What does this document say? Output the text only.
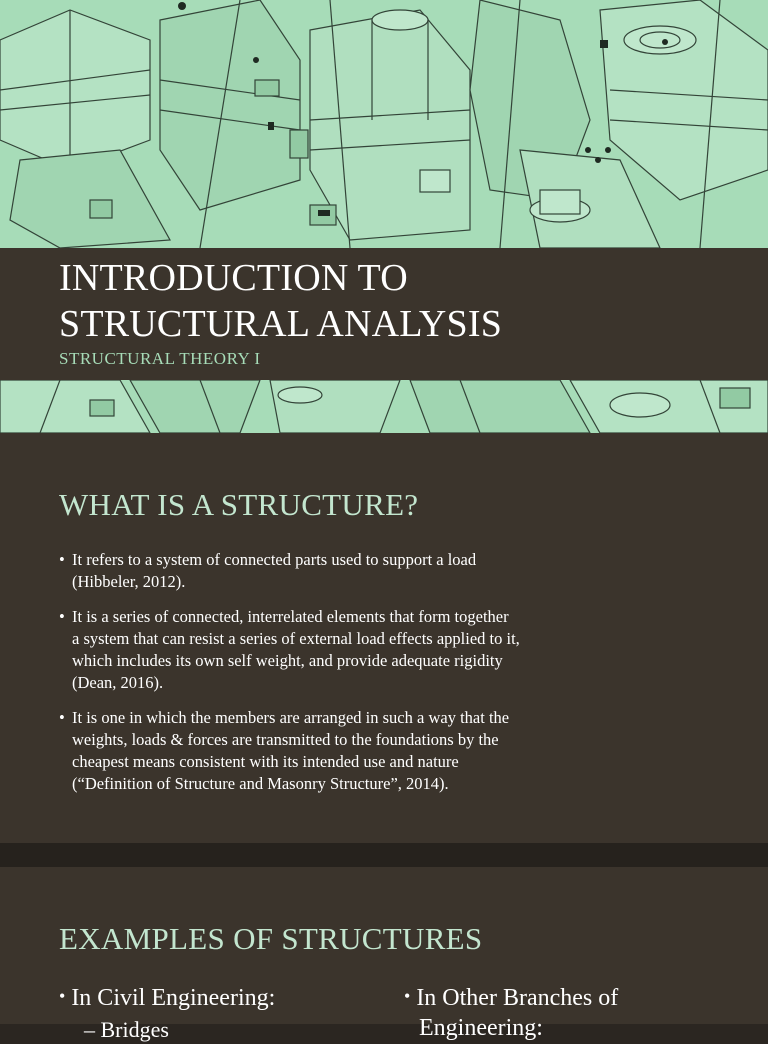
INTRODUCTION TO
STRUCTURAL ANALYSIS

STRUCTURAL THEORY I

WHAT IS A STRUCTURE?
• It refers to a system of connected parts used to support a load
(Hibbeler, 2012).
• It is a series of connected, interrelated elements that form together
a system that can resist a series of external load effects applied to it,
which includes its own self weight, and provide adequate rigidity
(Dean, 2016).
• It is one in which the members are arranged in such a way that the
weights, loads & forces are transmitted to the foundations by the
cheapest means consistent with its intended use and nature
(“Definition of Structure and Masonry Structure”, 2014).
EXAMPLES OF STRUCTURES

• In Civil Engineering:

– Bridges

• In Other Branches of
Engineering:
